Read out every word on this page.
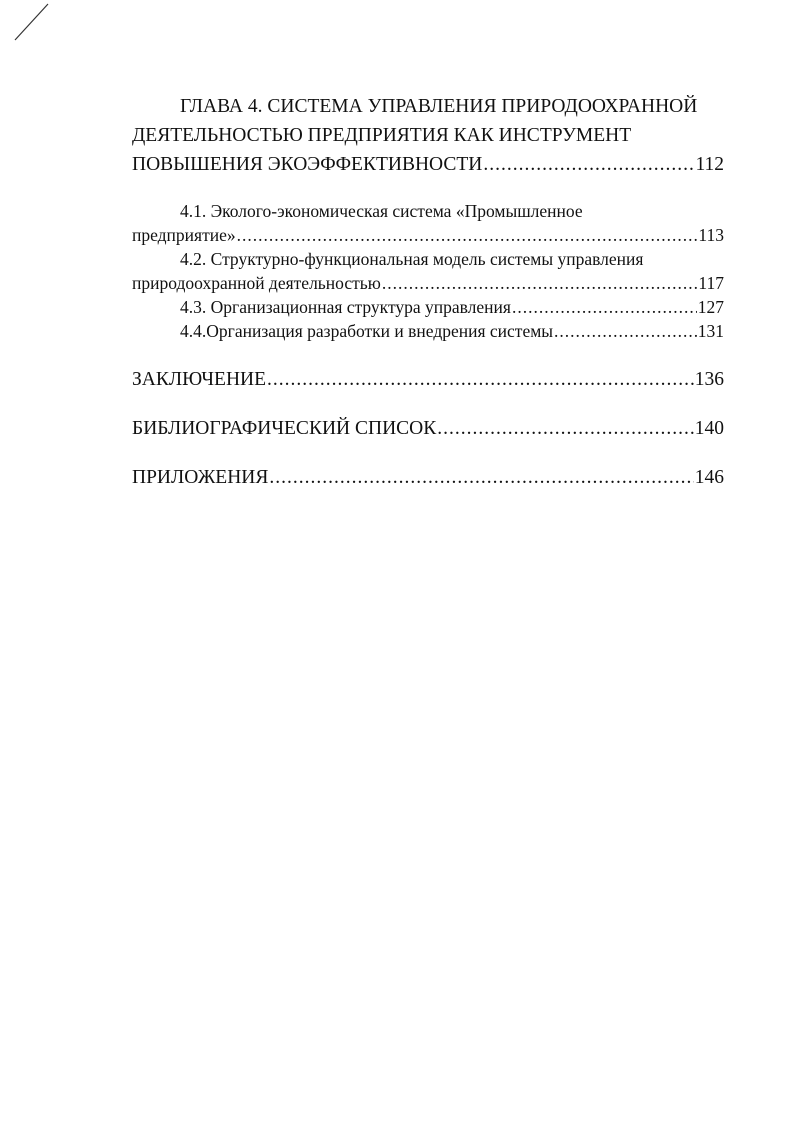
ГЛАВА 4. СИСТЕМА УПРАВЛЕНИЯ ПРИРОДООХРАННОЙ
ДЕЯТЕЛЬНОСТЬЮ ПРЕДПРИЯТИЯ КАК ИНСТРУМЕНТ
ПОВЫШЕНИЯ ЭКОЭФФЕКТИВНОСТИ .....	112
4.1. Эколого-экономическая система «Промышленное
предприятие» .....	113
4.2. Структурно-функциональная модель системы управления
природоохранной деятельностью .....	117
4.3. Организационная структура управления .....	127
4.4.Организация разработки и внедрения системы .....	131
ЗАКЛЮЧЕНИЕ .....	136
БИБЛИОГРАФИЧЕСКИЙ СПИСОК .....	140
ПРИЛОЖЕНИЯ .....	146
